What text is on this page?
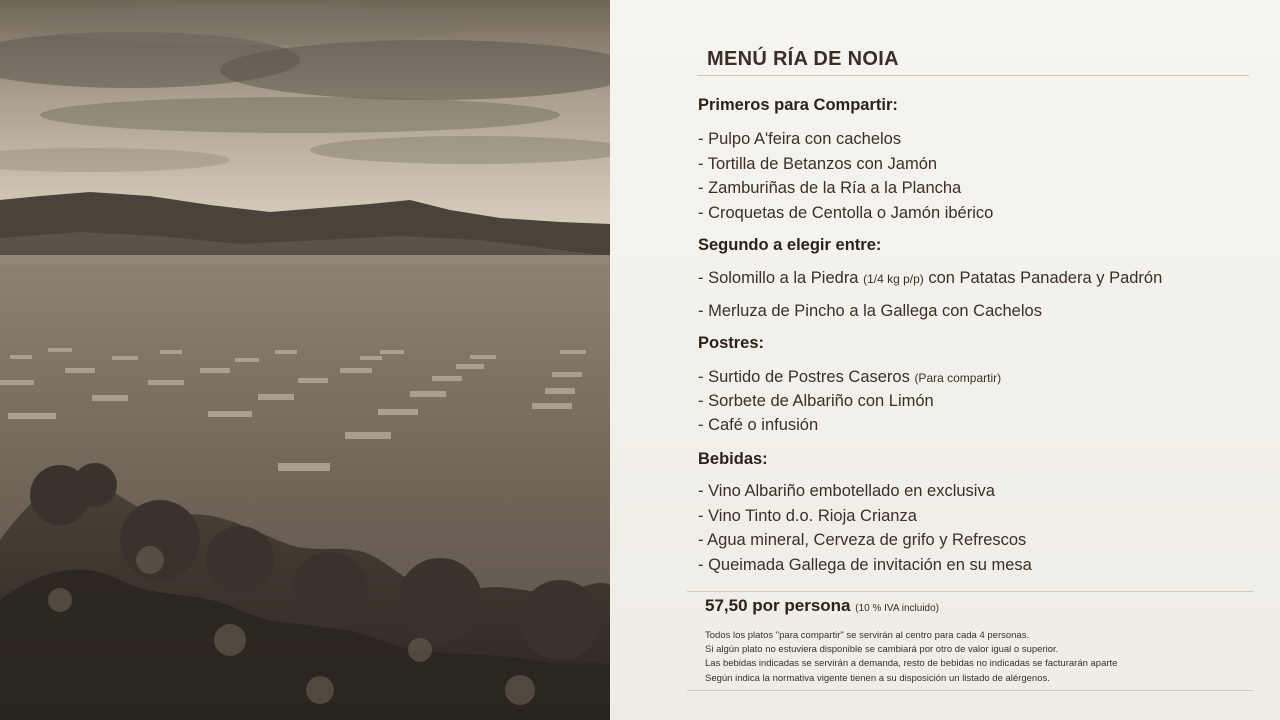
MENÚ RÍA DE NOIA
Primeros para Compartir:
- Pulpo A'feira con cachelos
- Tortilla de Betanzos con Jamón
- Zamburiñas de la Ría a la Plancha
- Croquetas de Centolla o Jamón ibérico
Segundo a elegir entre:
- Solomillo a la Piedra (1/4 kg p/p) con Patatas Panadera y Padrón
- Merluza de Pincho a la Gallega con Cachelos
Postres:
- Surtido de Postres Caseros (Para compartir)
- Sorbete de Albariño con Limón
- Café o infusión
Bebidas:
- Vino Albariño embotellado en exclusiva
- Vino Tinto d.o. Rioja Crianza
- Agua mineral, Cerveza de grifo y Refrescos
- Queimada Gallega de invitación en su mesa
57,50 por persona (10 % IVA incluido)
Todos los platos "para compartir" se servirán al centro para cada 4 personas.
Si algún plato no estuviera disponible se cambiará por otro de valor igual o superior.
Las bebidas indicadas se servirán a demanda, resto de bebidas no indicadas se facturarán aparte
Según indica la normativa vigente tienen a su disposición un listado de alérgenos.
